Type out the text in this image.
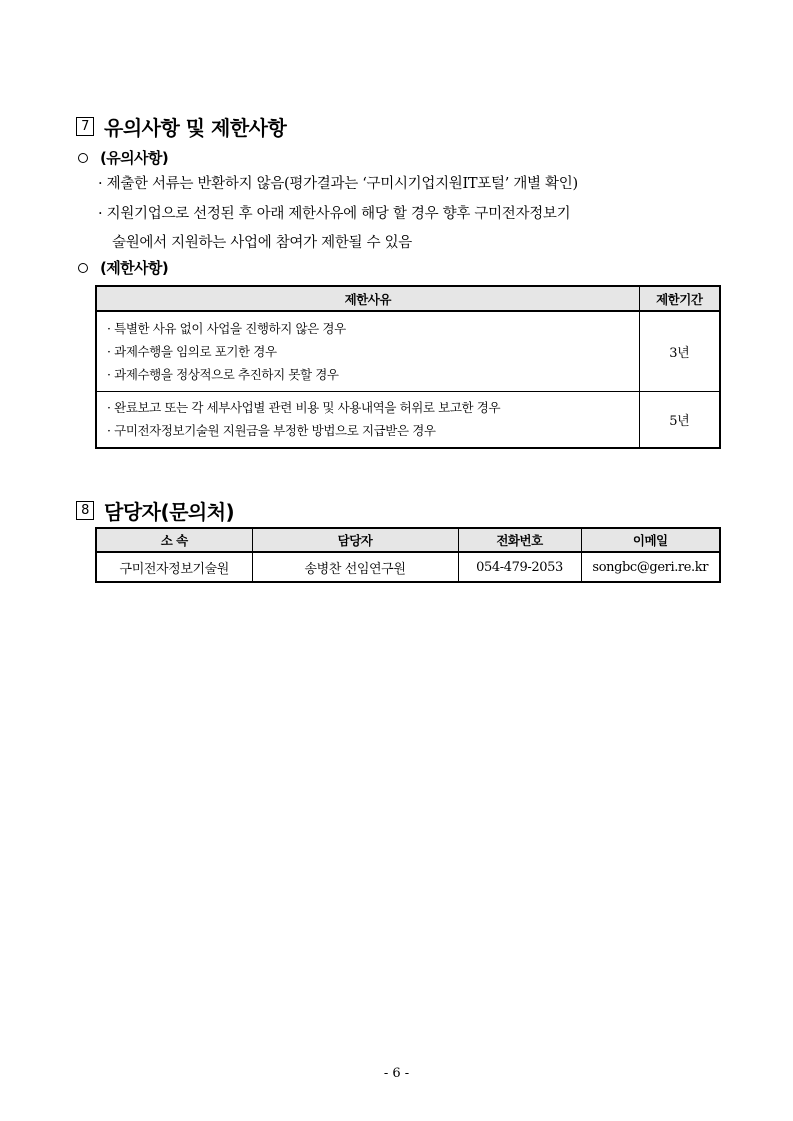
7 유의사항 및 제한사항
(유의사항)
· 제출한 서류는 반환하지 않음(평가결과는 ‘구미시기업지원IT포털’ 개별 확인)
· 지원기업으로 선정된 후 아래 제한사유에 해당 할 경우 향후 구미전자정보기
술원에서 지원하는 사업에 참여가 제한될 수 있음
(제한사항)
제한사유	제한기간

· 특별한 사유 없이 사업을 진행하지 않은 경우
· 과제수행을 임의로 포기한 경우
· 과제수행을 정상적으로 추진하지 못할 경우	3년

· 완료보고 또는 각 세부사업별 관련 비용 및 사용내역을 허위로 보고한 경우
· 구미전자정보기술원 지원금을 부정한 방법으로 지급받은 경우	5년
8 담당자(문의처)
소 속	담당자	전화번호	이메일
구미전자정보기술원	송병찬 선임연구원	054-479-2053	songbc@geri.re.kr
- 6 -
